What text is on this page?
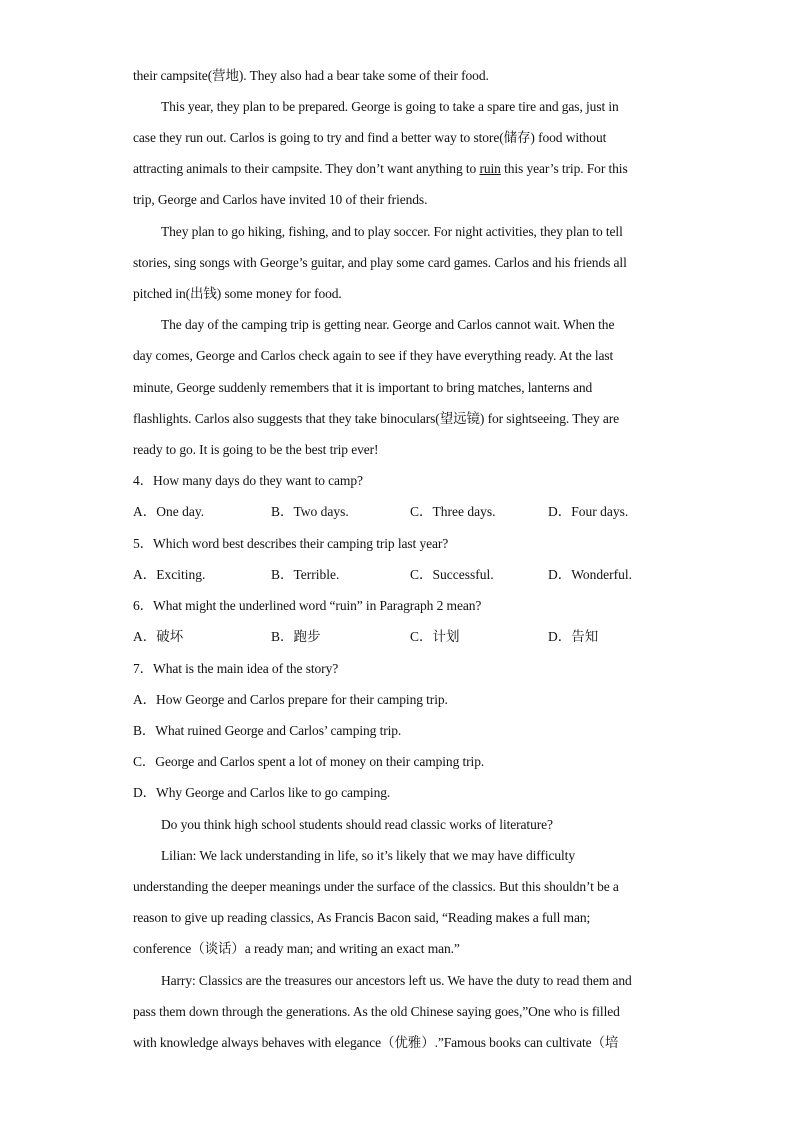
their campsite(营地). They also had a bear take some of their food.
This year, they plan to be prepared. George is going to take a spare tire and gas, just in
case they run out. Carlos is going to try and find a better way to store(储存) food without
attracting animals to their campsite. They don’t want anything to ruin this year’s trip. For this
trip, George and Carlos have invited 10 of their friends.
They plan to go hiking, fishing, and to play soccer. For night activities, they plan to tell
stories, sing songs with George’s guitar, and play some card games. Carlos and his friends all
pitched in(出钱) some money for food.
The day of the camping trip is getting near. George and Carlos cannot wait. When the
day comes, George and Carlos check again to see if they have everything ready. At the last
minute, George suddenly remembers that it is important to bring matches, lanterns and
flashlights. Carlos also suggests that they take binoculars(望远镜) for sightseeing. They are
ready to go. It is going to be the best trip ever!
4．How many days do they want to camp?
A．One day.	B．Two days.	C．Three days.	D．Four days.
5．Which word best describes their camping trip last year?
A．Exciting.	B．Terrible.	C．Successful.	D．Wonderful.
6．What might the underlined word “ruin” in Paragraph 2 mean?
A．破坏	B．跑步	C．计划	D．告知
7．What is the main idea of the story?
A．How George and Carlos prepare for their camping trip.
B．What ruined George and Carlos’ camping trip.
C．George and Carlos spent a lot of money on their camping trip.
D．Why George and Carlos like to go camping.
Do you think high school students should read classic works of literature?
Lilian: We lack understanding in life, so it’s likely that we may have difficulty
understanding the deeper meanings under the surface of the classics. But this shouldn’t be a
reason to give up reading classics, As Francis Bacon said, “Reading makes a full man;
conference（谈话）a ready man; and writing an exact man.”
Harry: Classics are the treasures our ancestors left us. We have the duty to read them and
pass them down through the generations. As the old Chinese saying goes,”One who is filled
with knowledge always behaves with elegance（优雅）.”Famous books can cultivate（培
